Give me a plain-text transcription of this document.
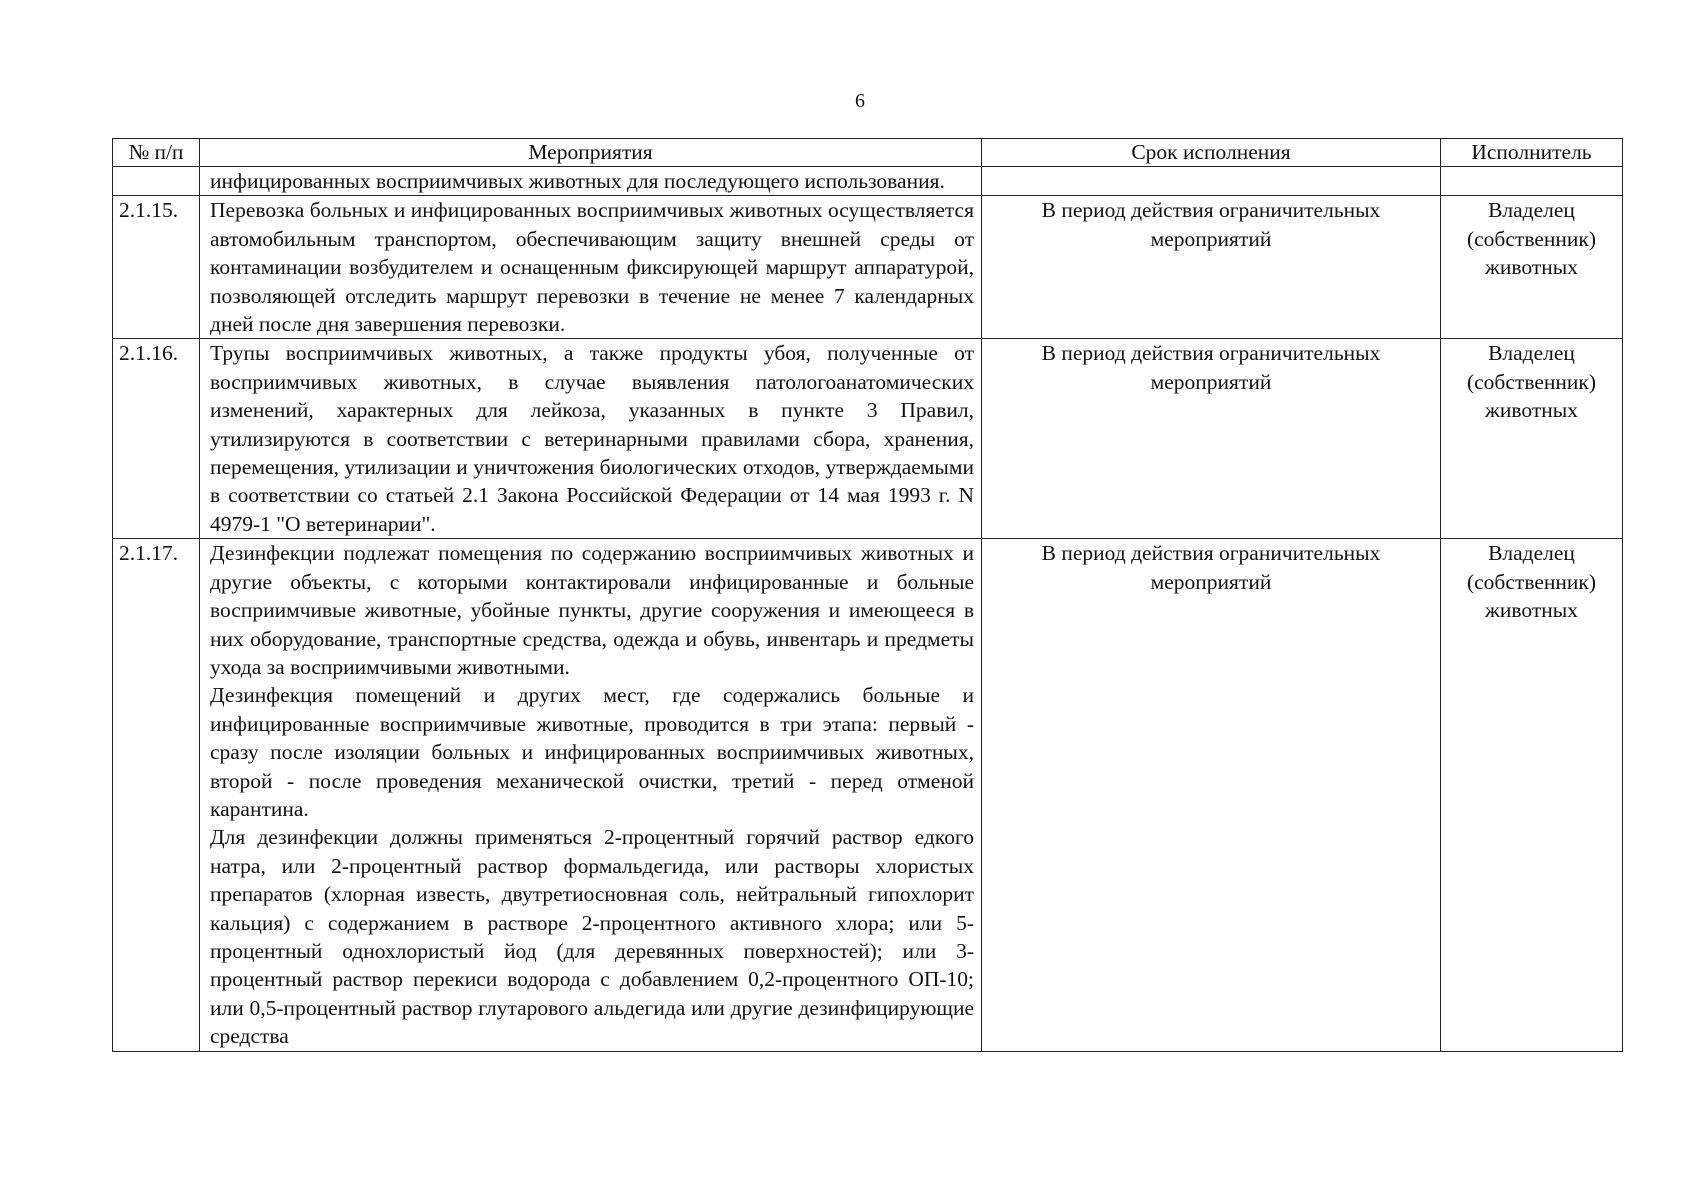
6
№ п/п	Мероприятия	Срок исполнения	Исполнитель

	инфицированных восприимчивых животных для последующего использования.		

2.1.15.	Перевозка больных и инфицированных восприимчивых животных осуществляется автомобильным транспортом, обеспечивающим защиту внешней среды от контаминации возбудителем и оснащенным фиксирующей маршрут аппаратурой, позволяющей отследить маршрут перевозки в течение не менее 7 календарных дней после дня завершения перевозки.	В период действия ограничительных мероприятий	Владелец (собственник) животных
2.1.16.	Трупы восприимчивых животных, а также продукты убоя, полученные от восприимчивых животных, в случае выявления патологоанатомических изменений, характерных для лейкоза, указанных в пункте 3 Правил, утилизируются в соответствии с ветеринарными правилами сбора, хранения, перемещения, утилизации и уничтожения биологических отходов, утверждаемыми в соответствии со статьей 2.1 Закона Российской Федерации от 14 мая 1993 г. N 4979-1 "О ветеринарии".	В период действия ограничительных мероприятий	Владелец (собственник) животных
2.1.17.	Дезинфекции подлежат помещения по содержанию восприимчивых животных и другие объекты, с которыми контактировали инфицированные и больные восприимчивые животные, убойные пункты, другие сооружения и имеющееся в них оборудование, транспортные средства, одежда и обувь, инвентарь и предметы ухода за восприимчивыми животными.

Дезинфекция помещений и других мест, где содержались больные и инфицированные восприимчивые животные, проводится в три этапа: первый - сразу после изоляции больных и инфицированных восприимчивых животных, второй - после проведения механической очистки, третий - перед отменой карантина.

Для дезинфекции должны применяться 2-процентный горячий раствор едкого натра, или 2-процентный раствор формальдегида, или растворы хлористых препаратов (хлорная известь, двутретиосновная соль, нейтральный гипохлорит кальция) с содержанием в растворе 2-процентного активного хлора; или 5-процентный однохлористый йод (для деревянных поверхностей); или 3-процентный раствор перекиси водорода с добавлением 0,2-процентного ОП-10; или 0,5-процентный раствор глутарового альдегида или другие дезинфицирующие средства	В период действия ограничительных мероприятий	Владелец (собственник) животных
